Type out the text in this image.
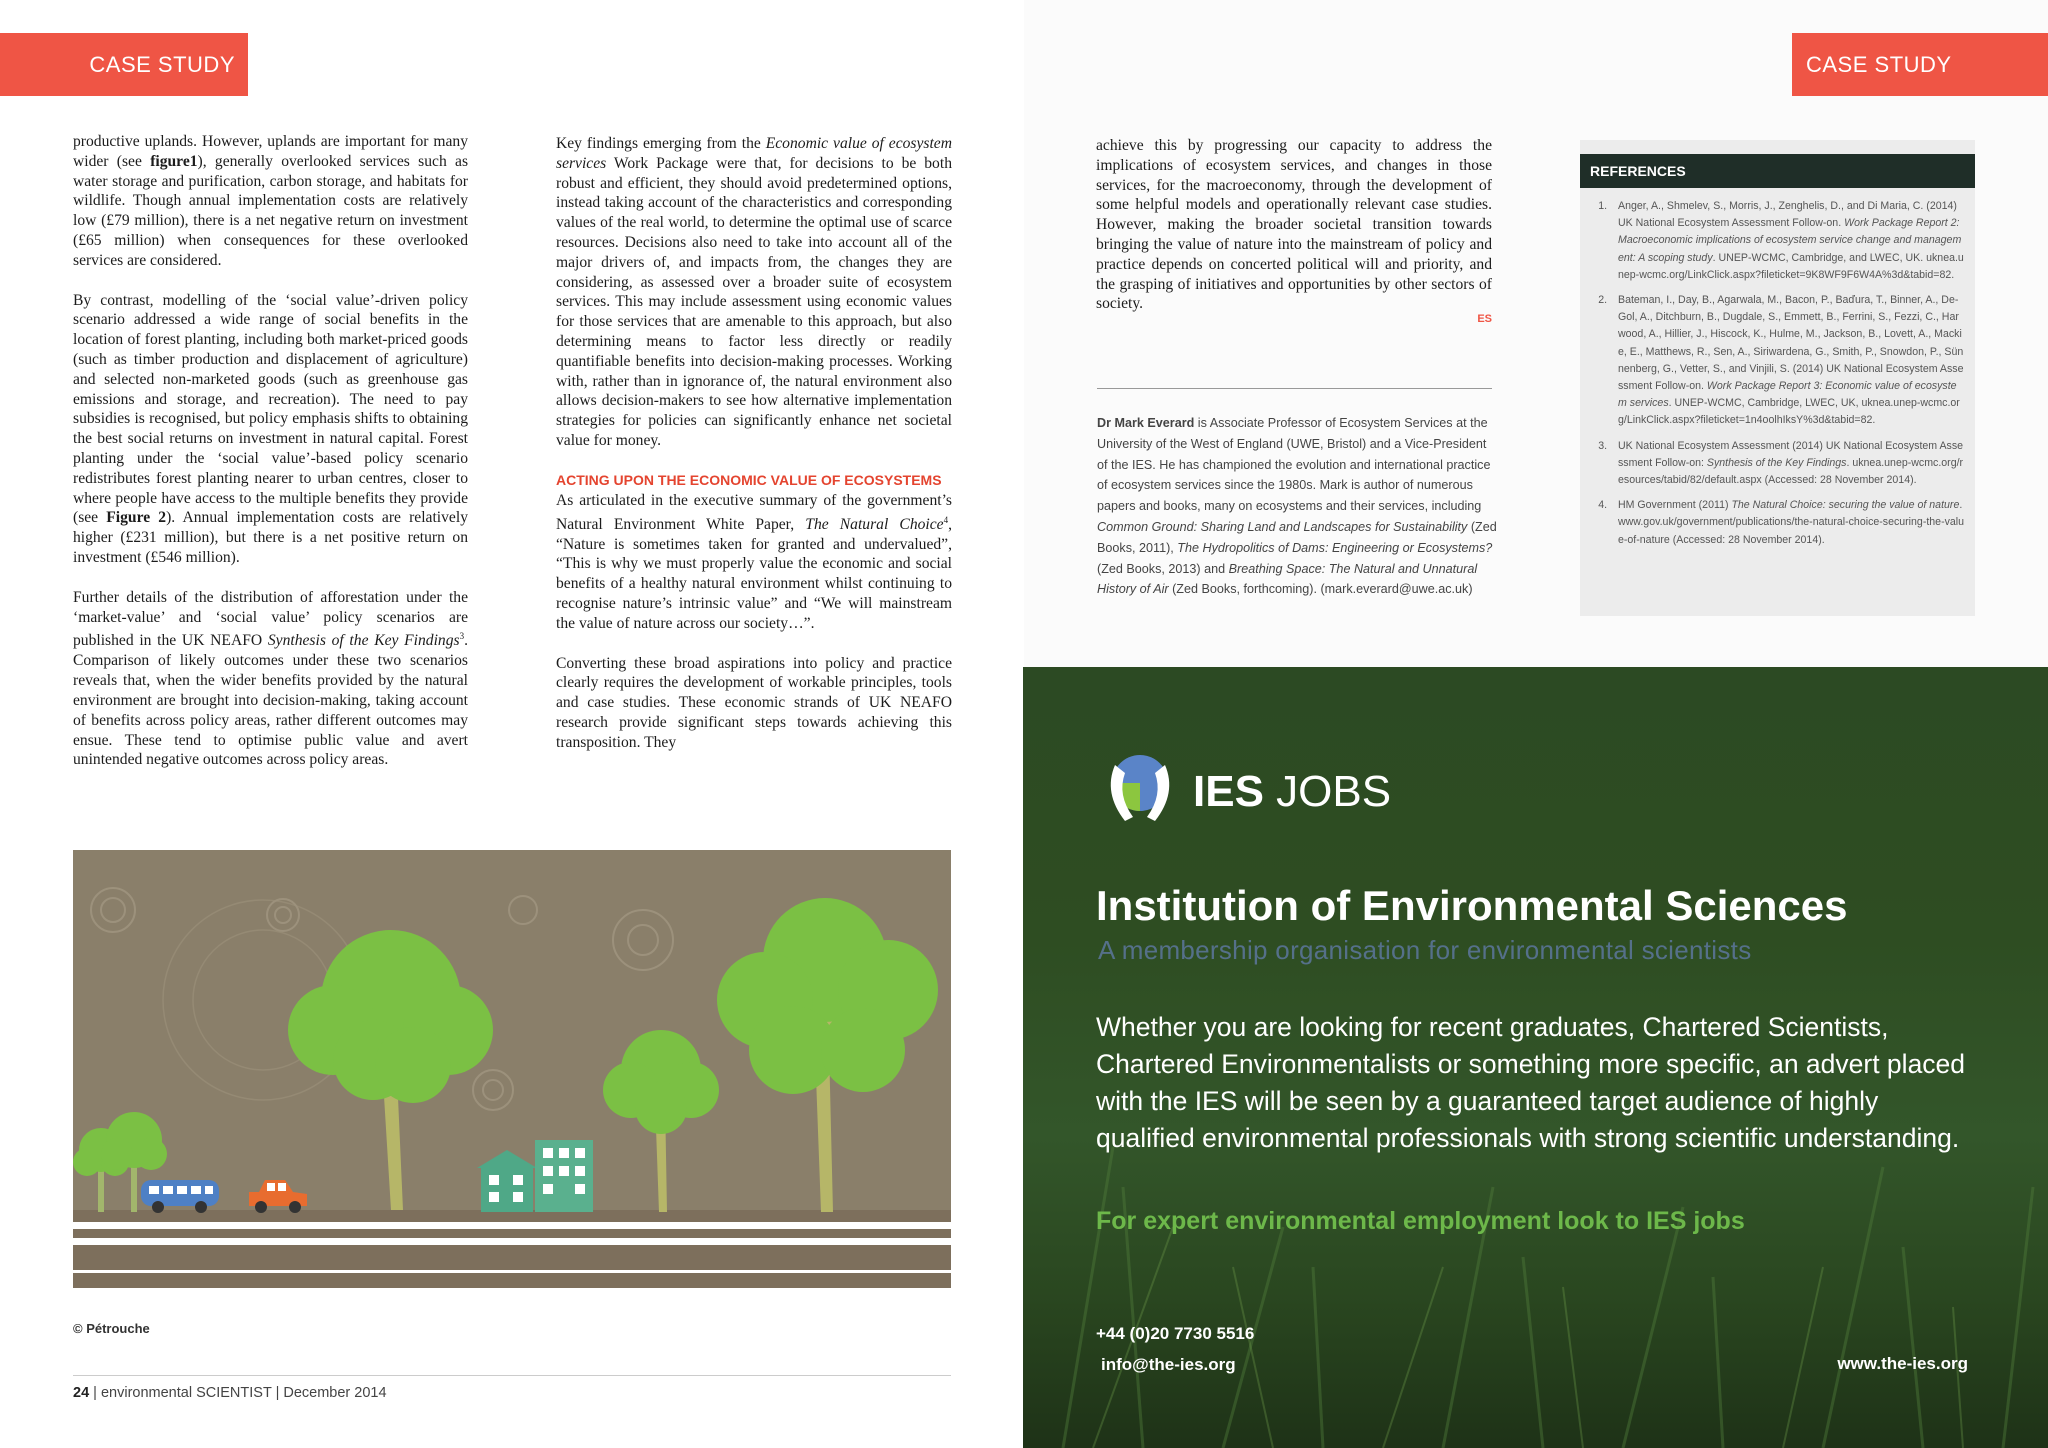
CASE STUDY

productive uplands. However, uplands are important for many wider (see figure1), generally overlooked services such as water storage and purification, carbon storage, and habitats for wildlife. Though annual implementation costs are relatively low (£79 million), there is a net negative return on investment (£65 million) when consequences for these overlooked services are considered.

By contrast, modelling of the ‘social value’-driven policy scenario addressed a wide range of social benefits in the location of forest planting, including both market-priced goods (such as timber production and displacement of agriculture) and selected non-marketed goods (such as greenhouse gas emissions and storage, and recreation). The need to pay subsidies is recognised, but policy emphasis shifts to obtaining the best social returns on investment in natural capital. Forest planting under the ‘social value’-based policy scenario redistributes forest planting nearer to urban centres, closer to where people have access to the multiple benefits they provide (see Figure 2). Annual implementation costs are relatively higher (£231 million), but there is a net positive return on investment (£546 million).

Further details of the distribution of afforestation under the ‘market-value’ and ‘social value’ policy scenarios are published in the UK NEAFO Synthesis of the Key Findings$^3$. Comparison of likely outcomes under these two scenarios reveals that, when the wider benefits provided by the natural environment are brought into decision-making, taking account of benefits across policy areas, rather different outcomes may ensue. These tend to optimise public value and avert unintended negative outcomes across policy areas.

Key findings emerging from the Economic value of ecosystem services Work Package were that, for decisions to be both robust and efficient, they should avoid predetermined options, instead taking account of the characteristics and corresponding values of the real world, to determine the optimal use of scarce resources. Decisions also need to take into account all of the major drivers of, and impacts from, the changes they are considering, as assessed over a broader suite of ecosystem services. This may include assessment using economic values for those services that are amenable to this approach, but also determining means to factor less directly or readily quantifiable benefits into decision-making processes. Working with, rather than in ignorance of, the natural environment also allows decision-makers to see how alternative implementation strategies for policies can significantly enhance net societal value for money.

ACTING UPON THE ECONOMIC VALUE OF ECOSYSTEMS

As articulated in the executive summary of the government’s Natural Environment White Paper, The Natural Choice$^4$, “Nature is sometimes taken for granted and undervalued”, “This is why we must properly value the economic and social benefits of a healthy natural environment whilst continuing to recognise nature’s intrinsic value” and “We will mainstream the value of nature across our society…”.

Converting these broad aspirations into policy and practice clearly requires the development of workable principles, tools and case studies. These economic strands of UK NEAFO research provide significant steps towards achieving this transposition. They

© Pétrouche
24 | environmental SCIENTIST | December 2014
CASE STUDY

achieve this by progressing our capacity to address the implications of ecosystem services, and changes in those services, for the macroeconomy, through the development of some helpful models and operationally relevant case studies. However, making the broader societal transition towards bringing the value of nature into the mainstream of policy and practice depends on concerted political will and priority, and the grasping of initiatives and opportunities by other sectors of society.

ES
Dr Mark Everard is Associate Professor of Ecosystem Services at the University of the West of England (UWE, Bristol) and a Vice-President of the IES. He has championed the evolution and international practice of ecosystem services since the 1980s. Mark is author of numerous papers and books, many on ecosystems and their services, including Common Ground: Sharing Land and Landscapes for Sustainability (Zed Books, 2011), The Hydropolitics of Dams: Engineering or Ecosystems? (Zed Books, 2013) and Breathing Space: The Natural and Unnatural History of Air (Zed Books, forthcoming). (mark.everard@uwe.ac.uk)
REFERENCES
1. Anger, A., Shmelev, S., Morris, J., Zenghelis, D., and Di Maria, C. (2014) UK National Ecosystem Assessment Follow-on. Work Package Report 2: Macroeconomic implications of ecosystem service change and management: A scoping study. UNEP-WCMC, Cambridge, and LWEC, UK. uknea.unep-wcmc.org/LinkClick.aspx?fileticket=9K8WF9F6W4A%3d&tabid=82.
2. Bateman, I., Day, B., Agarwala, M., Bacon, P., Baďura, T., Binner, A., De-Gol, A., Ditchburn, B., Dugdale, S., Emmett, B., Ferrini, S., Fezzi, C., Harwood, A., Hillier, J., Hiscock, K., Hulme, M., Jackson, B., Lovett, A., Mackie, E., Matthews, R., Sen, A., Siriwardena, G., Smith, P., Snowdon, P., Sünnenberg, G., Vetter, S., and Vinjili, S. (2014) UK National Ecosystem Assessment Follow-on. Work Package Report 3: Economic value of ecosystem services. UNEP-WCMC, Cambridge, LWEC, UK, uknea.unep-wcmc.org/LinkClick.aspx?fileticket=1n4oolhIksY%3d&tabid=82.
3. UK National Ecosystem Assessment (2014) UK National Ecosystem Assessment Follow-on: Synthesis of the Key Findings. uknea.unep-wcmc.org/resources/tabid/82/default.aspx (Accessed: 28 November 2014).
4. HM Government (2011) The Natural Choice: securing the value of nature. www.gov.uk/government/publications/the-natural-choice-securing-the-value-of-nature (Accessed: 28 November 2014).
IES JOBS
Institution of Environmental Sciences
A membership organisation for environmental scientists
Whether you are looking for recent graduates, Chartered Scientists, Chartered Environmentalists or something more specific, an advert placed with the IES will be seen by a guaranteed target audience of highly qualified environmental professionals with strong scientific understanding.
For expert environmental employment look to IES jobs
+44 (0)20 7730 5516
info@the-ies.org	www.the-ies.org
